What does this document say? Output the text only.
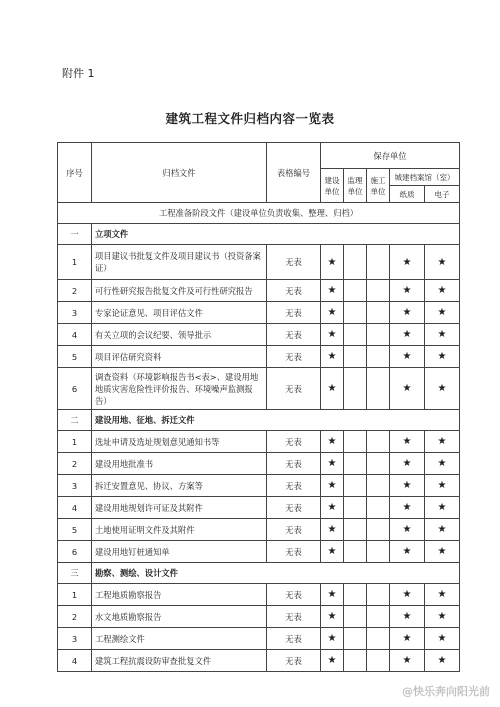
附件 1
建筑工程文件归档内容一览表
序号	归档文件	表格编号	保存单位				
			建设单位	监理单位	施工单位	城建档案馆（室）	
						纸质	电子
工程准备阶段文件（建设单位负责收集、整理、归档）							
一	立项文件						
1	项目建议书批复文件及项目建议书（投资备案证）	无表	★			★	★
2	可行性研究报告批复文件及可行性研究报告	无表	★			★	★
3	专家论证意见、项目评估文件	无表	★			★	★
4	有关立项的会议纪要、领导批示	无表	★			★	★
5	项目评估研究资料	无表	★			★	★
6	调查资料（环境影响报告书<表>、建设用地地质灾害危险性评价报告、环境噪声监测报告）	无表	★			★	★
二	建设用地、征地、拆迁文件						
1	选址申请及选址规划意见通知书等	无表	★			★	★
2	建设用地批准书	无表	★			★	★
3	拆迁安置意见、协议、方案等	无表	★			★	★
4	建设用地规划许可证及其附件	无表	★			★	★
5	土地使用证明文件及其附件	无表	★			★	★
6	建设用地钉桩通知单	无表	★			★	★
三	勘察、测绘、设计文件						
1	工程地质勘察报告	无表	★			★	★
2	水文地质勘察报告	无表	★			★	★
3	工程测绘文件	无表	★			★	★
4	建筑工程抗震设防审查批复文件	无表	★			★	★
@快乐奔向阳光前
